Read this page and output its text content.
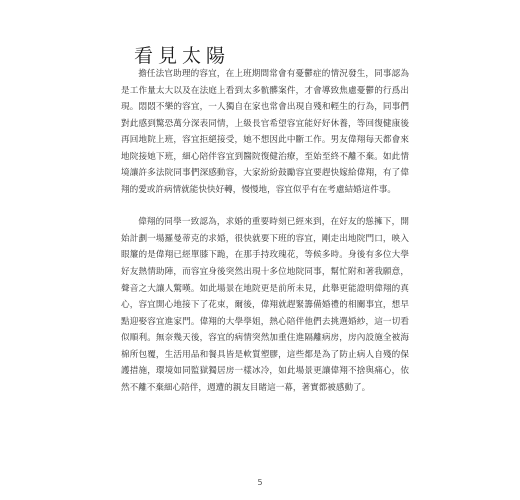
看見太陽

擔任法官助理的容宜，在上班期間常會有憂鬱症的情況發生，同事認為是工作量太大以及在法庭上看到太多骯髒案件，才會導致焦慮憂鬱的行爲出現。悶悶不樂的容宜，一人獨自在家也常會出現自殘和輕生的行為，同事們對此感到驚恐萬分深表同情，上級長官希望容宜能好好休養，等回復健康後再回地院上班，容宜拒絕接受，她不想因此中斷工作。男友偉翔每天都會來地院接她下班，細心陪伴容宜到醫院復健治療，至始至終不離不棄。如此情境讓許多法院同事們深感動容，大家紛紛鼓勵容宜要趕快嫁給偉翔，有了偉翔的愛或許病情就能快快好轉，慢慢地，容宜似乎有在考慮結婚這件事。

偉翔的同學一致認為，求婚的重要時刻已經來到，在好友的慫擁下，開始計劃一場羅曼蒂克的求婚，很快就要下班的容宜，剛走出地院門口，映入眼簾的是偉翔已經單膝下跪，在那手持玫瑰花，等候多時。身後有多位大學好友熱情助陣，而容宜身後突然出現十多位地院同事，幫忙附和著我願意，聲音之大讓人驚嘆。如此場景在地院更是前所未見，此舉更能證明偉翔的真心，容宜開心地接下了花束，爾後，偉翔就趕緊籌備婚禮的相關事宜，想早點迎娶容宜進家門。偉翔的大學學姐，熱心陪伴他們去挑選婚紗，這一切看似順利。無奈幾天後，容宜的病情突然加重住進隔離病房，房內設施全被海棉所包覆，生活用品和餐具皆是軟質塑膠，這些都是為了防止病人自殘的保護措施，環境如同監獄獨居房一樣冰冷，如此場景更讓偉翔不捨與痛心，依然不離不棄細心陪伴，週遭的親友目睹這一幕，著實都被感動了。

5
